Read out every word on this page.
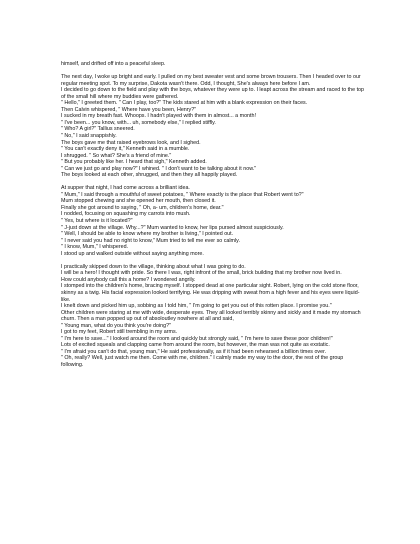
himself, and drifted off into a peaceful sleep.

The next day, I woke up bright and early. I pulled on my best sweater vest and some brown trousers. Then I headed over to our regular meeting spot. To my surprise, Dakota wasn't there. Odd, I thought, She's always here before I am.

I decided to go down to the field and play with the boys, whatever they were up to. I leapt across the stream and raced to the top of the small hill where my buddies were gathered.

" Hello," I greeted them. " Can I play, too?" The kids stared at him with a blank expression on their faces.

Then Calvin whispered, " Where have you been, Henry?"

I sucked in my breath fast. Whoops. I hadn't played with them in almost... a month!

" I've been... you know, with... uh, somebody else," I replied stiffly.

" Who? A girl?" Tallius sneered.

" No," I said snappishly.

The boys gave me that raised eyebrows look, and I sighed.

" You can't exactly deny it," Kenneth said in a mumble.

I shrugged. " So what? She's a friend of mine."

" But you probably like her. I heard that sigh," Kenneth added.

" Can we just go and play now?" I whined. " I don't want to be talking about it now."

The boys looked at each other, shrugged, and then they all happily played.

At supper that night, I had come across a brilliant idea.

" Mum," I said through a mouthful of sweet potatoes, " Where exactly is the place that Robert went to?"

Mum stopped chewing and she opened her mouth, then closed it.

Finally she got around to saying, " Oh, a- um, children's home, dear."

I nodded, focusing on squashing my carrots into mush.

" Yes, but where is it located?"

" J-just down at the village. Why...?" Mum wanted to know, her lips pursed almost suspiciously.

" Well, I should be able to know where my brother is living," I pointed out.

" I never said you had no right to know," Mum tried to tell me ever so calmly.

" I know, Mum," I whispered.

I stood up and walked outside without saying anything more.

I practically skipped down to the village, thinking about what I was going to do.

I will be a hero! I thought with pride. So there I was, right infront of the small, brick building that my brother now lived in.

How could anybody call this a home? I wondered angrily.

I stomped into the children's home, bracing myself. I stopped dead at one particular sight. Robert, lying on the cold stone floor, skinny as a twig. His facial expression looked terrifying. He was dripping with sweat from a high fever and his eyes were liquid-like.

I knelt down and picked him up, sobbing as I told him, " I'm going to get you out of this rotten place. I promise you."

Other children were staring at me with wide, desperate eyes. They all looked terribly skinny and sickly and it made my stomach churn. Then a man popped up out of absoloutley nowhere at all and said,

" Young man, what do you think you're doing?"

I got to my feet, Robert still trembling in my arms.

" I'm here to save..." I looked around the room and quickly but strongly said, " I'm here to save these poor children!"

Lots of excited squeals and clapping came from around the room, but however, the man was not quite as exstatic.

" I'm afraid you can't do that, young man," He said professionally, as if it had been rehearsed a billion times over.

" Oh, really? Well, just watch me then. Come with me, children." I calmly made my way to the door, the rest of the group following.
